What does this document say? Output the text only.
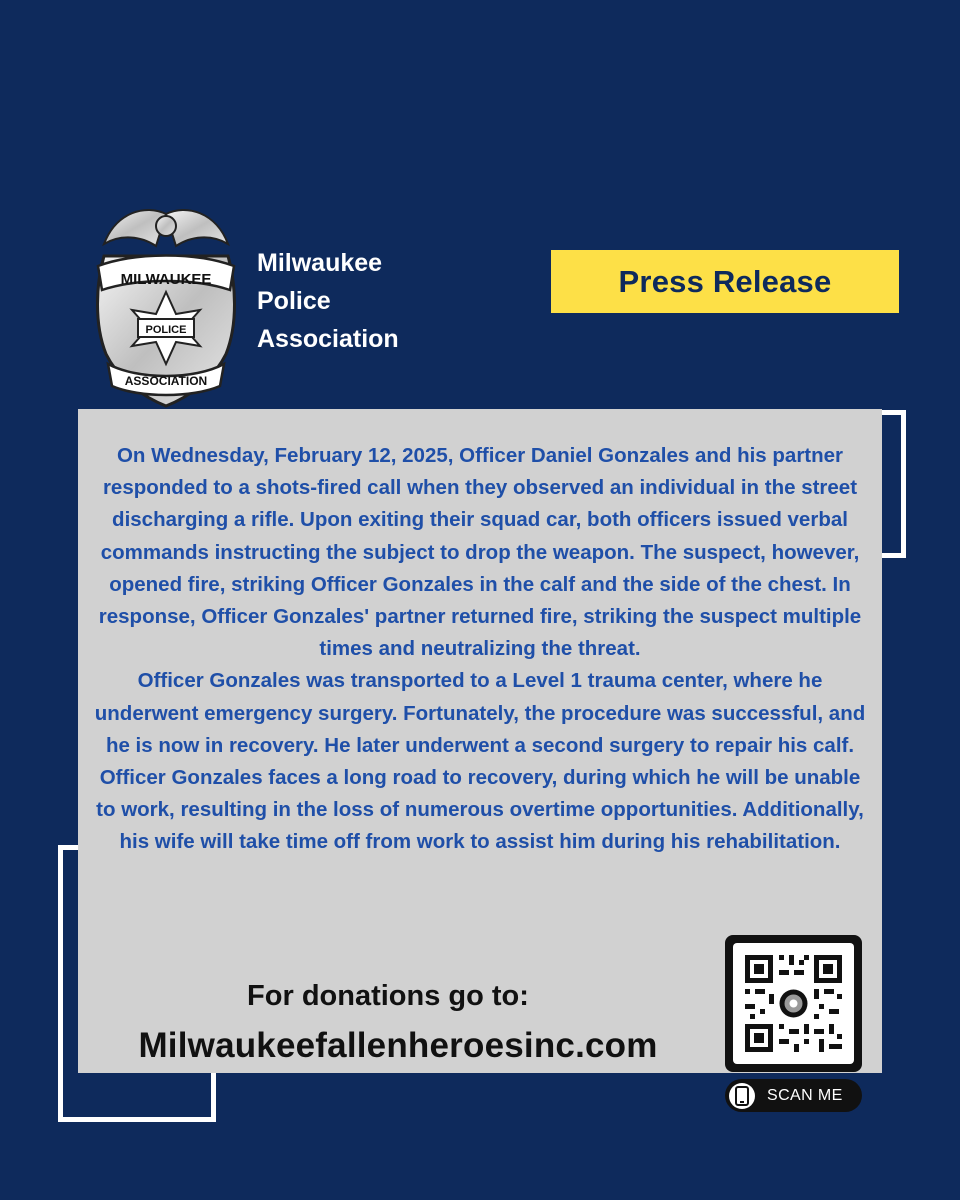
MILWAUKEE
POLICE
ASSOCIATION
Milwaukee
Police
Association
Press Release

On Wednesday, February 12, 2025, Officer Daniel Gonzales and his partner responded to a shots-fired call when they observed an individual in the street discharging a rifle. Upon exiting their squad car, both officers issued verbal commands instructing the subject to drop the weapon. The suspect, however, opened fire, striking Officer Gonzales in the calf and the side of the chest. In response, Officer Gonzales' partner returned fire, striking the suspect multiple times and neutralizing the threat.

Officer Gonzales was transported to a Level 1 trauma center, where he underwent emergency surgery. Fortunately, the procedure was successful, and he is now in recovery. He later underwent a second surgery to repair his calf.

Officer Gonzales faces a long road to recovery, during which he will be unable to work, resulting in the loss of numerous overtime opportunities. Additionally, his wife will take time off from work to assist him during his rehabilitation.

For donations go to:
Milwaukeefallenheroesinc.com
SCAN ME
